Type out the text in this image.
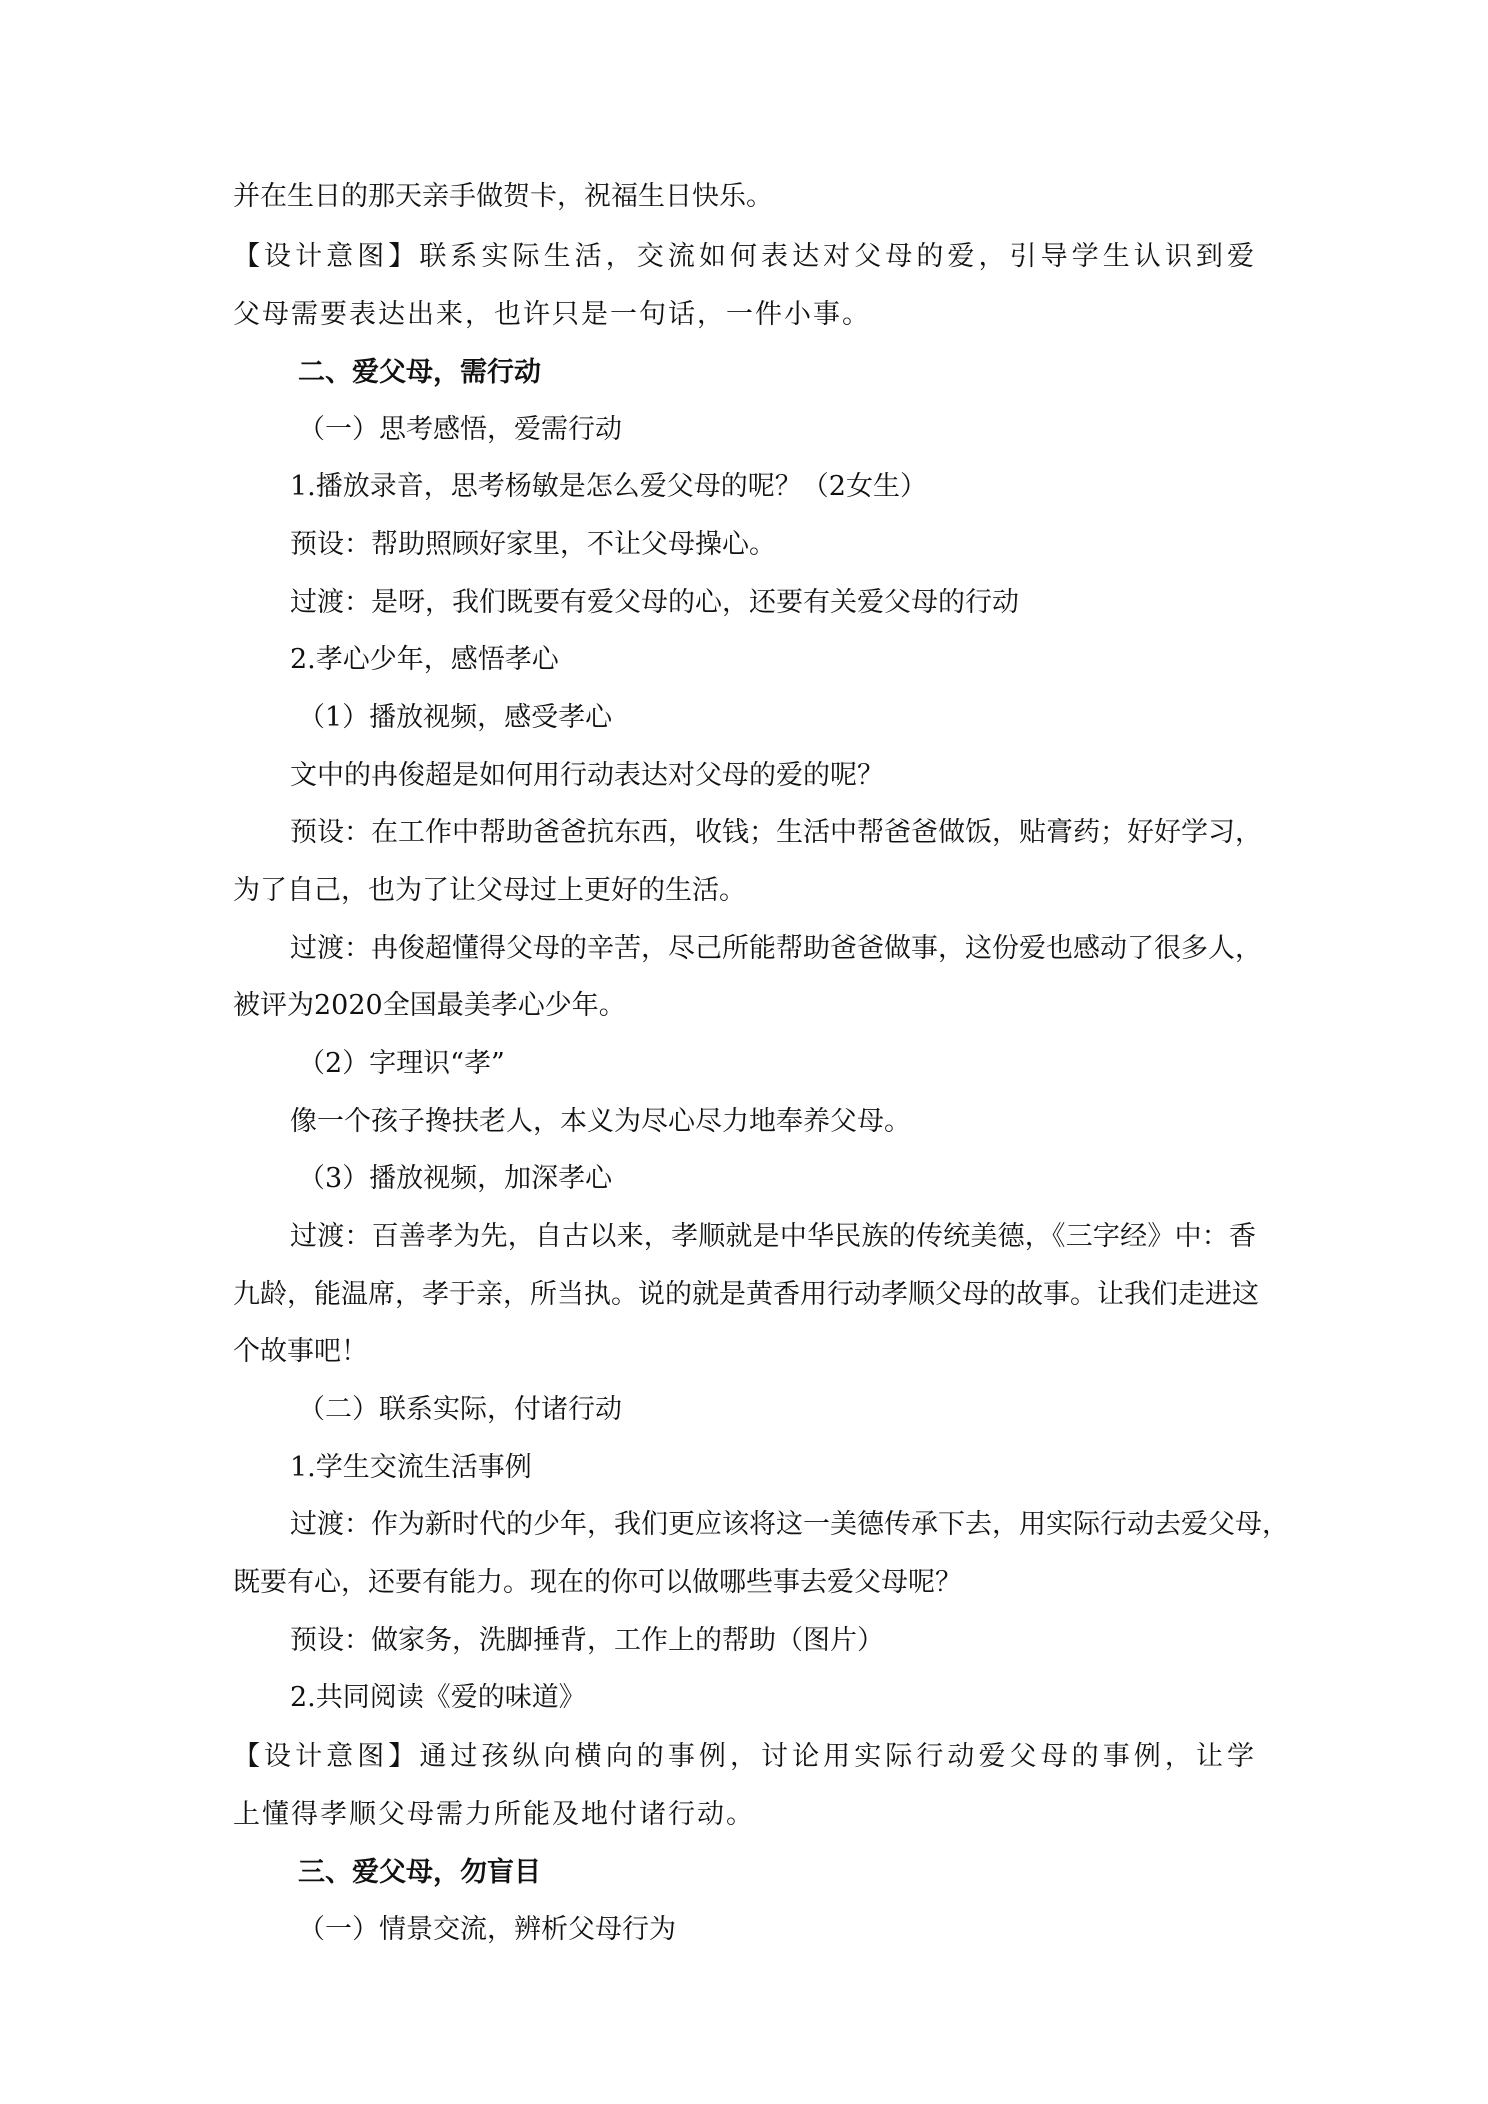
并在生日的那天亲手做贺卡，祝福生日快乐。
【设计意图】联系实际生活，交流如何表达对父母的爱，引导学生认识到爱
父母需要表达出来，也许只是一句话，一件小事。
二、爱父母，需行动
（一）思考感悟，爱需行动
1.播放录音，思考杨敏是怎么爱父母的呢？（2女生）
预设：帮助照顾好家里，不让父母操心。
过渡：是呀，我们既要有爱父母的心，还要有关爱父母的行动
2.孝心少年，感悟孝心
（1）播放视频，感受孝心
文中的冉俊超是如何用行动表达对父母的爱的呢？
预设：在工作中帮助爸爸抗东西，收钱；生活中帮爸爸做饭，贴膏药；好好学习，
为了自己，也为了让父母过上更好的生活。
过渡：冉俊超懂得父母的辛苦，尽己所能帮助爸爸做事，这份爱也感动了很多人，
被评为2020全国最美孝心少年。
（2）字理识“孝”
像一个孩子搀扶老人，本义为尽心尽力地奉养父母。
（3）播放视频，加深孝心
过渡：百善孝为先，自古以来，孝顺就是中华民族的传统美德，《三字经》中：香
九龄，能温席，孝于亲，所当执。说的就是黄香用行动孝顺父母的故事。让我们走进这
个故事吧！
（二）联系实际，付诸行动
1.学生交流生活事例
过渡：作为新时代的少年，我们更应该将这一美德传承下去，用实际行动去爱父母，
既要有心，还要有能力。现在的你可以做哪些事去爱父母呢？
预设：做家务，洗脚捶背，工作上的帮助（图片）
2.共同阅读《爱的味道》
【设计意图】通过孩纵向横向的事例，讨论用实际行动爱父母的事例，让学
上懂得孝顺父母需力所能及地付诸行动。
三、爱父母，勿盲目
（一）情景交流，辨析父母行为
